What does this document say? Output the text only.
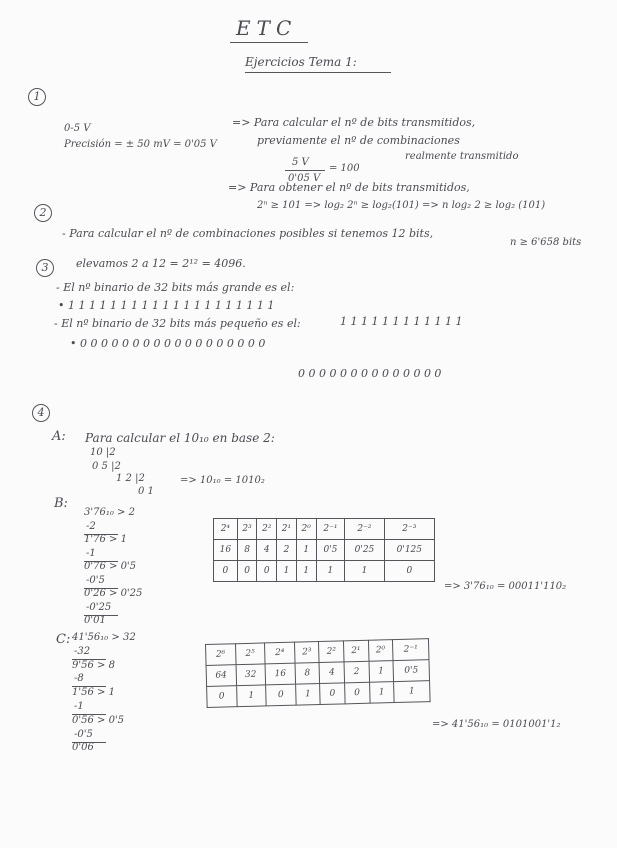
ETC
Ejercicios Tema 1:
1
0-5 V
Precisión = ± 50 mV = 0'05 V
=> Para calcular el nº de bits transmitidos,
previamente el nº de combinaciones
realmente transmitido
5 V
0'05 V
= 100
=> Para obtener el nº de bits transmitidos,
2ⁿ ≥ 101 => log₂ 2ⁿ ≥ log₂(101) => n log₂ 2 ≥ log₂ (101)
n ≥ 6'658 bits
2
- Para calcular el nº de combinaciones posibles si tenemos 12 bits,
elevamos 2 a 12 = 2¹² = 4096.
3
- El nº binario de 32 bits más grande es el:
• 1 1 1 1 1 1 1 1 1 1 1 1 1 1 1 1 1 1 1 1
1 1 1 1 1 1 1 1 1 1 1 1
- El nº binario de 32 bits más pequeño es el:
• 0 0 0 0 0 0 0 0 0 0 0 0 0 0 0 0 0 0
0 0 0 0 0 0 0 0 0 0 0 0 0 0
4
A: Para calcular el 10₁₀ en base 2:
10 |2
0 5 |2
1 2 |2
0 1
=> 10₁₀ = 1010₂
B:
3'76₁₀ > 2
-2
1'76 > 1
-1
0'76 > 0'5
-0'5
0'26 > 0'25
-0'25
0'01
2⁴	2³	2²	2¹	2⁰	2⁻¹	2⁻²	2⁻³
16	8	4	2	1	0'5	0'25	0'125
0	0	0	1	1	1	1	0
=> 3'76₁₀ = 00011'110₂
C: 41'56₁₀ > 32
-32
9'56 > 8
-8
1'56 > 1
-1
0'56 > 0'5
-0'5
0'06
2⁶	2⁵	2⁴	2³	2²	2¹	2⁰	2⁻¹
64	32	16	8	4	2	1	0'5
0	1	0	1	0	0	1	1
=> 41'56₁₀ = 0101001'1₂
